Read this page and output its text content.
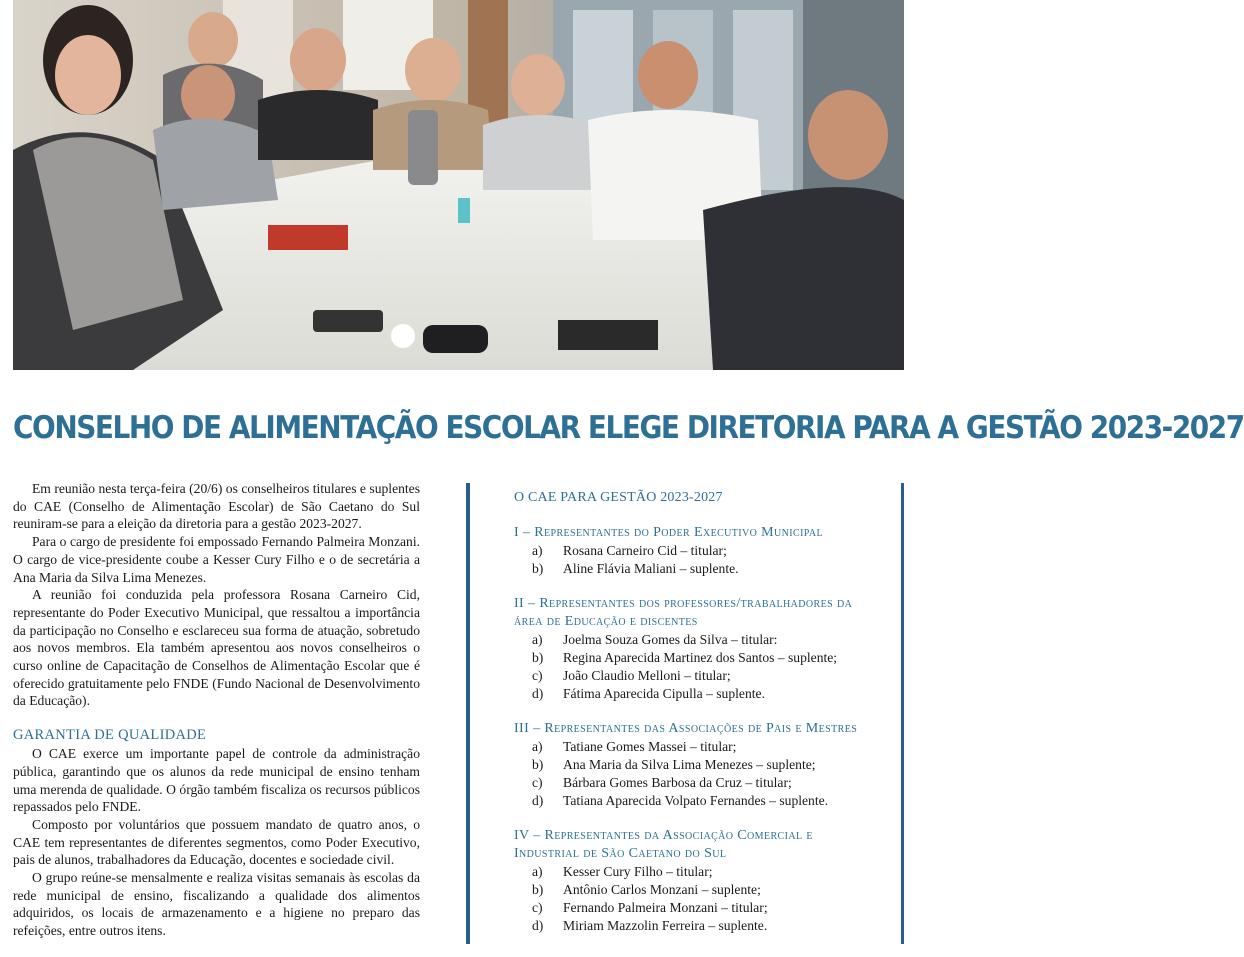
CONSELHO DE ALIMENTAÇÃO ESCOLAR ELEGE DIRETORIA PARA A GESTÃO 2023-2027

Em reunião nesta terça-feira (20/6) os conselheiros titulares e suplentes do CAE (Conselho de Alimentação Escolar) de São Caetano do Sul reuniram-se para a eleição da diretoria para a gestão 2023-2027.

Para o cargo de presidente foi empossado Fernando Palmeira Monzani. O cargo de vice-presidente coube a Kesser Cury Filho e o de secretária a Ana Maria da Silva Lima Menezes.

A reunião foi conduzida pela professora Rosana Carneiro Cid, representante do Poder Executivo Municipal, que ressaltou a importância da participação no Conselho e esclareceu sua forma de atuação, sobretudo aos novos membros. Ela também apresentou aos novos conselheiros o curso online de Capacitação de Conselhos de Alimentação Escolar que é oferecido gratuitamente pelo FNDE (Fundo Nacional de Desenvolvimento da Educação).

GARANTIA DE QUALIDADE

O CAE exerce um importante papel de controle da administração pública, garantindo que os alunos da rede municipal de ensino tenham uma merenda de qualidade. O órgão também fiscaliza os recursos públicos repassados pelo FNDE.

Composto por voluntários que possuem mandato de quatro anos, o CAE tem representantes de diferentes segmentos, como Poder Executivo, pais de alunos, trabalhadores da Educação, docentes e sociedade civil.

O grupo reúne-se mensalmente e realiza visitas semanais às escolas da rede municipal de ensino, fiscalizando a qualidade dos alimentos adquiridos, os locais de armazenamento e a higiene no preparo das refeições, entre outros itens.

O CAE PARA GESTÃO 2023-2027
I – Representantes do Poder Executivo Municipal
a)	Rosana Carneiro Cid – titular;
b)	Aline Flávia Maliani – suplente.
II – Representantes dos professores/trabalhadores da área de Educação e discentes
a)	Joelma Souza Gomes da Silva – titular:
b)	Regina Aparecida Martinez dos Santos – suplente;
c)	João Claudio Melloni – titular;
d)	Fátima Aparecida Cipulla – suplente.
III – Representantes das Associações de Pais e Mestres
a)	Tatiane Gomes Massei – titular;
b)	Ana Maria da Silva Lima Menezes – suplente;
c)	Bárbara Gomes Barbosa da Cruz – titular;
d)	Tatiana Aparecida Volpato Fernandes – suplente.
IV – Representantes da Associação Comercial e Industrial de São Caetano do Sul
a)	Kesser Cury Filho – titular;
b)	Antônio Carlos Monzani – suplente;
c)	Fernando Palmeira Monzani – titular;
d)	Miriam Mazzolin Ferreira – suplente.
